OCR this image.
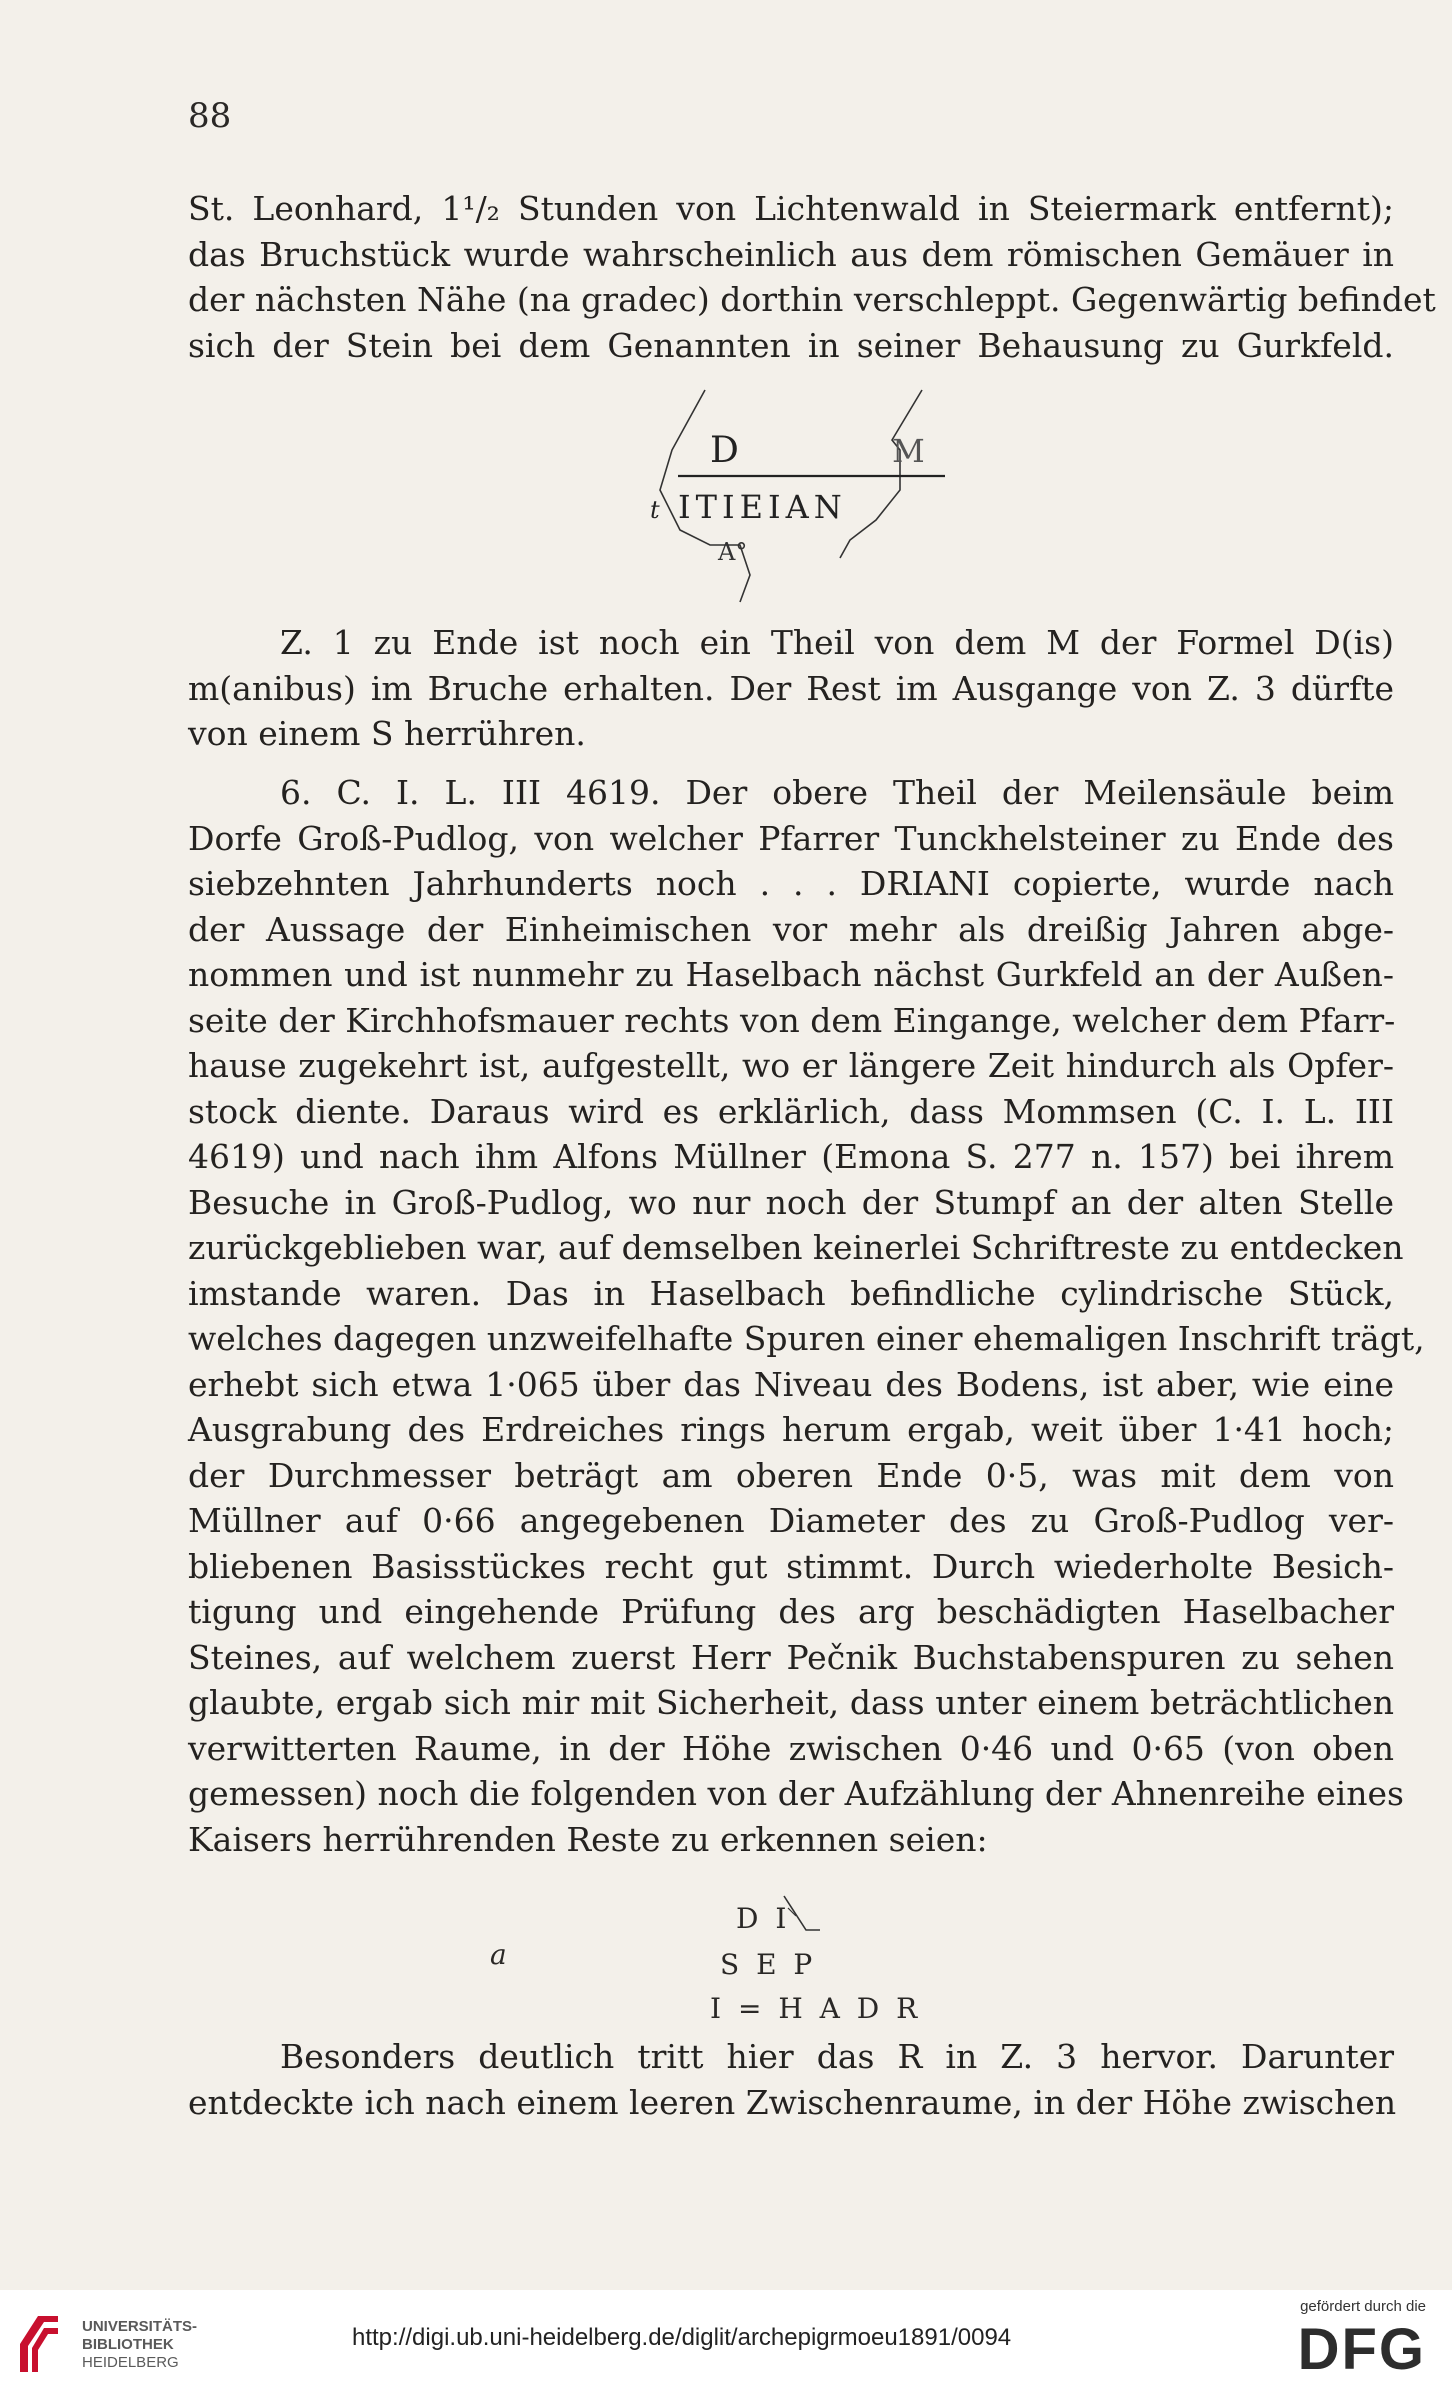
88
St. Leonhard, 1¹/₂ Stunden von Lichtenwald in Steiermark entfernt);
das Bruchstück wurde wahrscheinlich aus dem römischen Gemäuer in
der nächsten Nähe (na gradec) dorthin verschleppt. Gegenwärtig befindet
sich der Stein bei dem Genannten in seiner Behausung zu Gurkfeld.
D	M
t ITIEIAN
A°
Z. 1 zu Ende ist noch ein Theil von dem M der Formel D(is)
m(anibus) im Bruche erhalten. Der Rest im Ausgange von Z. 3 dürfte
von einem S herrühren.
6. C. I. L. III 4619. Der obere Theil der Meilensäule beim
Dorfe Groß-Pudlog, von welcher Pfarrer Tunckhelsteiner zu Ende des
siebzehnten Jahrhunderts noch . . . DRIANI copierte, wurde nach
der Aussage der Einheimischen vor mehr als dreißig Jahren abge-
nommen und ist nunmehr zu Haselbach nächst Gurkfeld an der Außen-
seite der Kirchhofsmauer rechts von dem Eingange, welcher dem Pfarr-
hause zugekehrt ist, aufgestellt, wo er längere Zeit hindurch als Opfer-
stock diente. Daraus wird es erklärlich, dass Mommsen (C. I. L. III
4619) und nach ihm Alfons Müllner (Emona S. 277 n. 157) bei ihrem
Besuche in Groß-Pudlog, wo nur noch der Stumpf an der alten Stelle
zurückgeblieben war, auf demselben keinerlei Schriftreste zu entdecken
imstande waren. Das in Haselbach befindliche cylindrische Stück,
welches dagegen unzweifelhafte Spuren einer ehemaligen Inschrift trägt,
erhebt sich etwa 1·065 über das Niveau des Bodens, ist aber, wie eine
Ausgrabung des Erdreiches rings herum ergab, weit über 1·41 hoch;
der Durchmesser beträgt am oberen Ende 0·5, was mit dem von
Müllner auf 0·66 angegebenen Diameter des zu Groß-Pudlog ver-
bliebenen Basisstückes recht gut stimmt. Durch wiederholte Besich-
tigung und eingehende Prüfung des arg beschädigten Haselbacher
Steines, auf welchem zuerst Herr Pečnik Buchstabenspuren zu sehen
glaubte, ergab sich mir mit Sicherheit, dass unter einem beträchtlichen
verwitterten Raume, in der Höhe zwischen 0·46 und 0·65 (von oben
gemessen) noch die folgenden von der Aufzählung der Ahnenreihe eines
Kaisers herrührenden Reste zu erkennen seien:
D I
a	S E P
I = H A D R
Besonders deutlich tritt hier das R in Z. 3 hervor. Darunter
entdeckte ich nach einem leeren Zwischenraume, in der Höhe zwischen
UNIVERSITÄTS-
BIBLIOTHEK
HEIDELBERG
http://digi.ub.uni-heidelberg.de/diglit/archepigrmoeu1891/0094
gefördert durch die
DFG
